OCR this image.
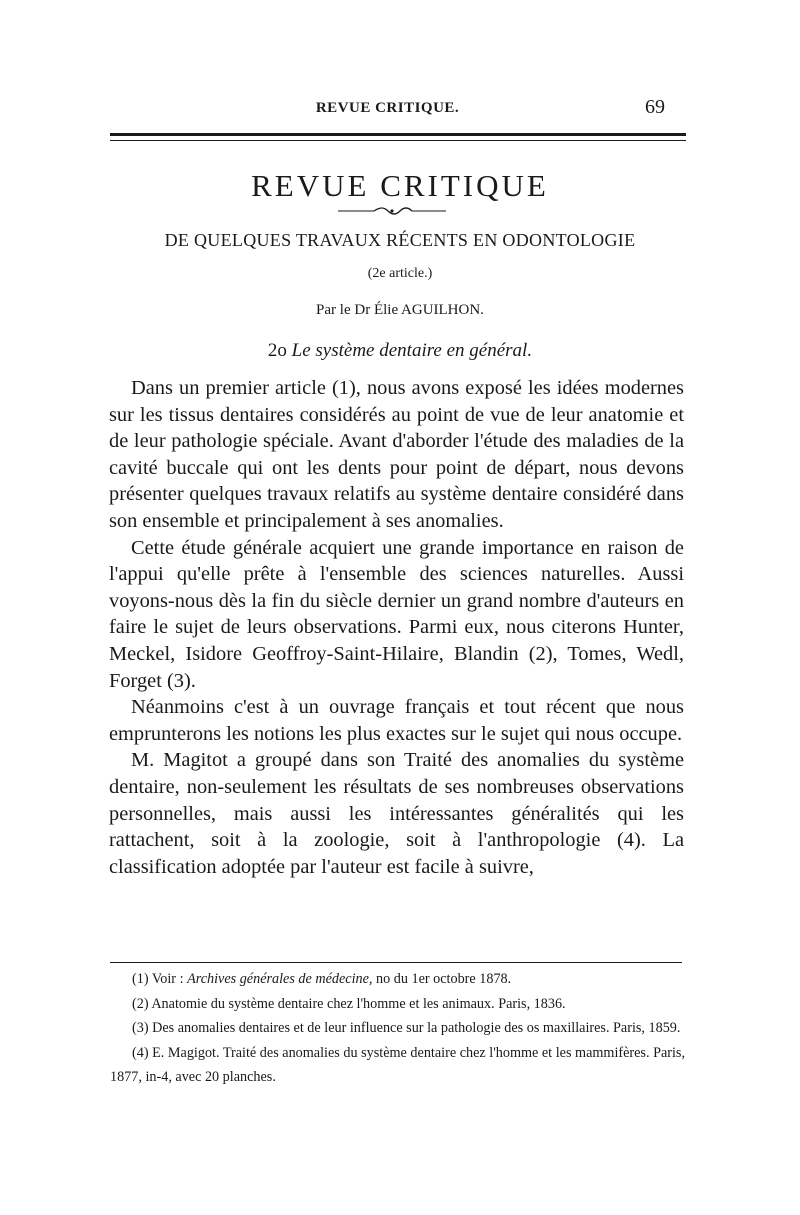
REVUE CRITIQUE.	69
REVUE CRITIQUE
DE QUELQUES TRAVAUX RÉCENTS EN ODONTOLOGIE
(2e article.)
Par le Dr Élie AGUILHON.
2o Le système dentaire en général.

Dans un premier article (1), nous avons exposé les idées modernes sur les tissus dentaires considérés au point de vue de leur anatomie et de leur pathologie spéciale. Avant d'aborder l'étude des maladies de la cavité buccale qui ont les dents pour point de départ, nous devons présenter quelques travaux relatifs au système dentaire considéré dans son ensemble et principalement à ses anomalies.

Cette étude générale acquiert une grande importance en raison de l'appui qu'elle prête à l'ensemble des sciences naturelles. Aussi voyons-nous dès la fin du siècle dernier un grand nombre d'auteurs en faire le sujet de leurs observations. Parmi eux, nous citerons Hunter, Meckel, Isidore Geoffroy-Saint-Hilaire, Blandin (2), Tomes, Wedl, Forget (3).

Néanmoins c'est à un ouvrage français et tout récent que nous emprunterons les notions les plus exactes sur le sujet qui nous occupe.

M. Magitot a groupé dans son Traité des anomalies du système dentaire, non-seulement les résultats de ses nombreuses observations personnelles, mais aussi les intéressantes généralités qui les rattachent, soit à la zoologie, soit à l'anthropologie (4). La classification adoptée par l'auteur est facile à suivre,

(1) Voir : Archives générales de médecine, no du 1er octobre 1878.

(2) Anatomie du système dentaire chez l'homme et les animaux. Paris, 1836.

(3) Des anomalies dentaires et de leur influence sur la pathologie des os maxillaires. Paris, 1859.

(4) E. Magigot. Traité des anomalies du système dentaire chez l'homme et les mammifères. Paris, 1877, in-4, avec 20 planches.
